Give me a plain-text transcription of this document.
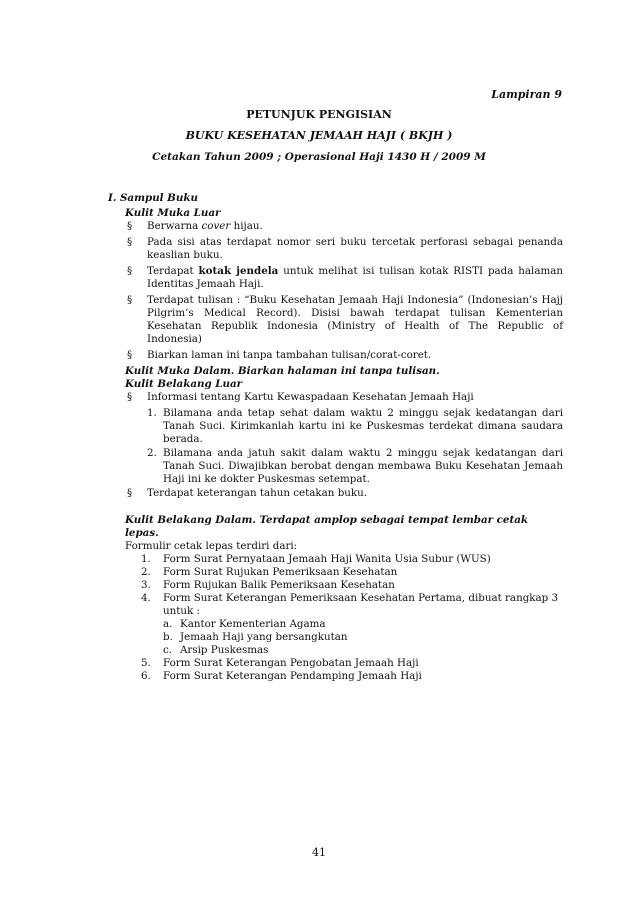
Lampiran 9
PETUNJUK PENGISIAN
BUKU KESEHATAN JEMAAH HAJI ( BKJH )
Cetakan Tahun 2009 ; Operasional Haji 1430 H / 2009 M
I. Sampul Buku
Kulit Muka Luar
§ Berwarna cover hijau.
§ Pada sisi atas terdapat nomor seri buku tercetak perforasi sebagai penanda keaslian buku.
§ Terdapat kotak jendela untuk melihat isi tulisan kotak RISTI pada halaman Identitas Jemaah Haji.
§ Terdapat tulisan : “Buku Kesehatan Jemaah Haji Indonesia” (Indonesian’s Hajj Pilgrim’s Medical Record). Disisi bawah terdapat tulisan Kementerian Kesehatan Republik Indonesia (Ministry of Health of The Republic of Indonesia)
§ Biarkan laman ini tanpa tambahan tulisan/corat-coret.
Kulit Muka Dalam. Biarkan halaman ini tanpa tulisan.
Kulit Belakang Luar
§ Informasi tentang Kartu Kewaspadaan Kesehatan Jemaah Haji
1. Bilamana anda tetap sehat dalam waktu 2 minggu sejak kedatangan dari Tanah Suci. Kirimkanlah kartu ini ke Puskesmas terdekat dimana saudara berada.
2. Bilamana anda jatuh sakit dalam waktu 2 minggu sejak kedatangan dari Tanah Suci. Diwajibkan berobat dengan membawa Buku Kesehatan Jemaah Haji ini ke dokter Puskesmas setempat.
§ Terdapat keterangan tahun cetakan buku.
Kulit Belakang Dalam. Terdapat amplop sebagai tempat lembar cetak lepas.
Formulir cetak lepas terdiri dari:
1. Form Surat Pernyataan Jemaah Haji Wanita Usia Subur (WUS)
2. Form Surat Rujukan Pemeriksaan Kesehatan
3. Form Rujukan Balik Pemeriksaan Kesehatan
4. Form Surat Keterangan Pemeriksaan Kesehatan Pertama, dibuat rangkap 3 untuk :
a. Kantor Kementerian Agama
b. Jemaah Haji yang bersangkutan
c. Arsip Puskesmas
5. Form Surat Keterangan Pengobatan Jemaah Haji
6. Form Surat Keterangan Pendamping Jemaah Haji
41
